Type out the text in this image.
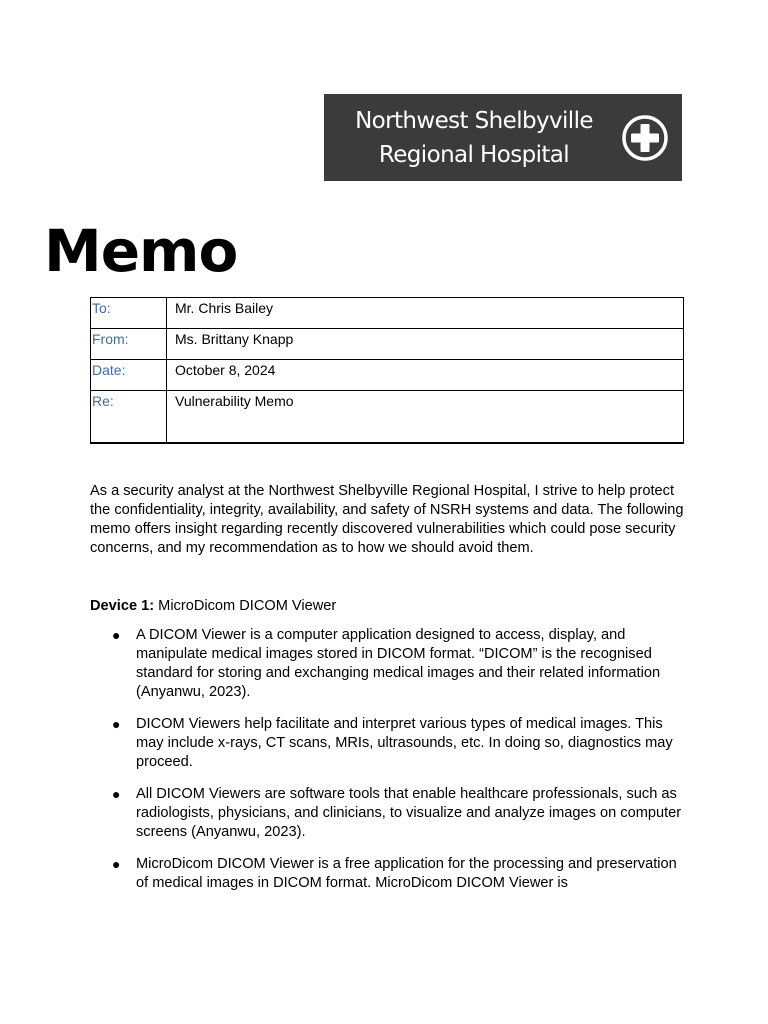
Northwest Shelbyville
Regional Hospital
Memo
To:	Mr. Chris Bailey
From:	Ms. Brittany Knapp
Date:	October 8, 2024
Re:	Vulnerability Memo

As a security analyst at the Northwest Shelbyville Regional Hospital, I strive to help protect the confidentiality, integrity, availability, and safety of NSRH systems and data. The following memo offers insight regarding recently discovered vulnerabilities which could pose security concerns, and my recommendation as to how we should avoid them.

Device 1: MicroDicom DICOM Viewer

● A DICOM Viewer is a computer application designed to access, display, and manipulate medical images stored in DICOM format. “DICOM” is the recognised standard for storing and exchanging medical images and their related information (Anyanwu, 2023).
● DICOM Viewers help facilitate and interpret various types of medical images. This may include x-rays, CT scans, MRIs, ultrasounds, etc. In doing so, diagnostics may proceed.
● All DICOM Viewers are software tools that enable healthcare professionals, such as radiologists, physicians, and clinicians, to visualize and analyze images on computer screens (Anyanwu, 2023).
● MicroDicom DICOM Viewer is a free application for the processing and preservation of medical images in DICOM format. MicroDicom DICOM Viewer is
